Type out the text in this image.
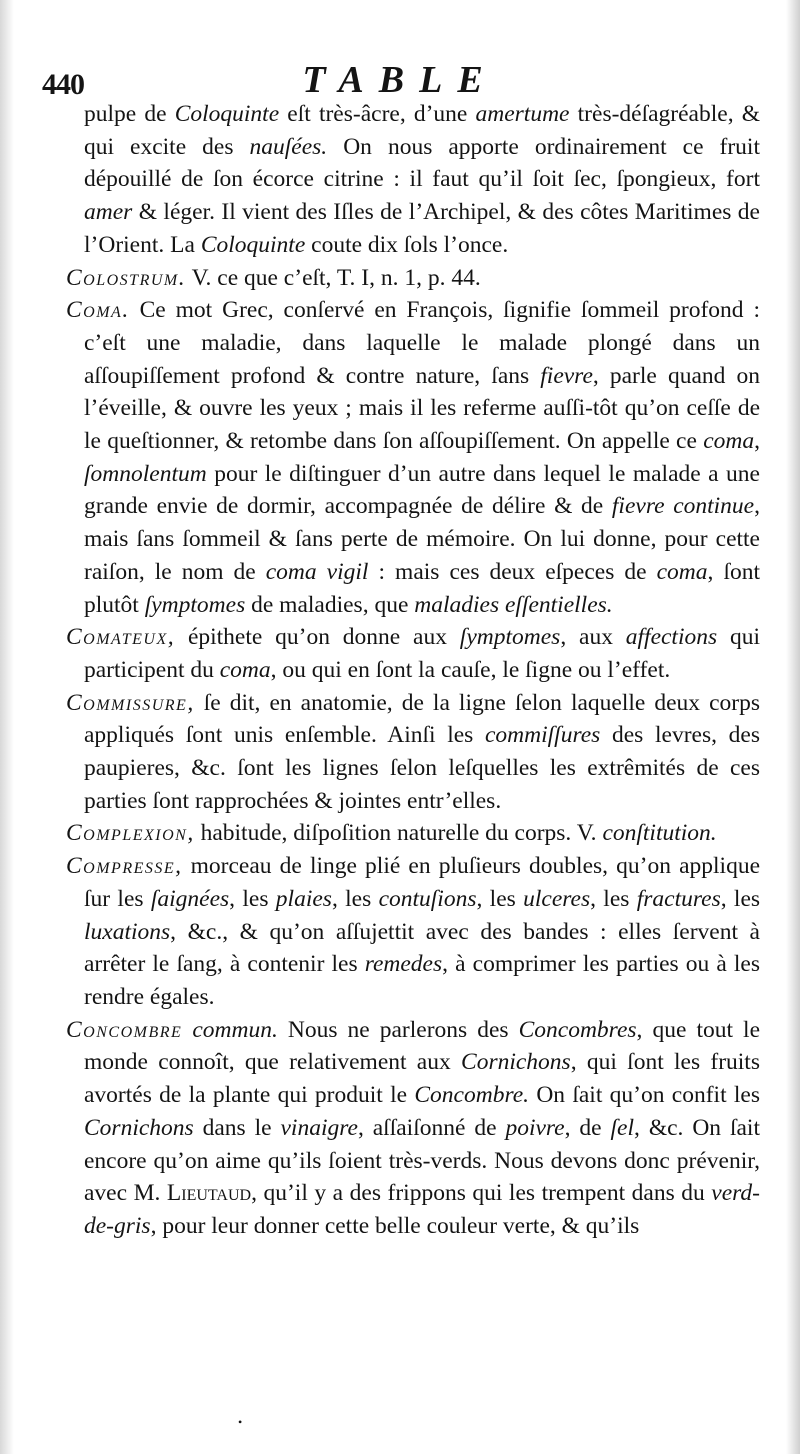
440	TABLE

pulpe de Coloquinte eſt très-âcre, d’une amertume très-déſagréable, & qui excite des nauſées. On nous apporte ordinairement ce fruit dépouillé de ſon écorce citrine : il faut qu’il ſoit ſec, ſpongieux, fort amer & léger. Il vient des Iſles de l’Archipel, & des côtes Maritimes de l’Orient. La Coloquinte coute dix ſols l’once.

Colostrum. V. ce que c’eſt, T. I, n. 1, p. 44.

Coma. Ce mot Grec, conſervé en François, ſignifie ſommeil profond : c’eſt une maladie, dans laquelle le malade plongé dans un aſſoupiſſement profond & contre nature, ſans fievre, parle quand on l’éveille, & ouvre les yeux ; mais il les referme auſſi-tôt qu’on ceſſe de le queſtionner, & retombe dans ſon aſſoupiſſement. On appelle ce coma, ſomnolentum pour le diſtinguer d’un autre dans lequel le malade a une grande envie de dormir, accompagnée de délire & de fievre continue, mais ſans ſommeil & ſans perte de mémoire. On lui donne, pour cette raiſon, le nom de coma vigil : mais ces deux eſpeces de coma, ſont plutôt ſymptomes de maladies, que maladies eſſentielles.

Comateux, épithete qu’on donne aux ſymptomes, aux affections qui participent du coma, ou qui en ſont la cauſe, le ſigne ou l’effet.

Commissure, ſe dit, en anatomie, de la ligne ſelon laquelle deux corps appliqués ſont unis enſemble. Ainſi les commiſſures des levres, des paupieres, &c. ſont les lignes ſelon leſquelles les extrêmités de ces parties ſont rapprochées & jointes entr’elles.

Complexion, habitude, diſpoſition naturelle du corps. V. conſtitution.

Compresse, morceau de linge plié en pluſieurs doubles, qu’on applique ſur les ſaignées, les plaies, les contuſions, les ulceres, les fractures, les luxations, &c., & qu’on aſſujettit avec des bandes : elles ſervent à arrêter le ſang, à contenir les remedes, à comprimer les parties ou à les rendre égales.

Concombre commun. Nous ne parlerons des Concombres, que tout le monde connoît, que relativement aux Cornichons, qui ſont les fruits avortés de la plante qui produit le Concombre. On ſait qu’on confit les Cornichons dans le vinaigre, aſſaiſonné de poivre, de ſel, &c. On ſait encore qu’on aime qu’ils ſoient très-verds. Nous devons donc prévenir, avec M. Lieutaud, qu’il y a des frippons qui les trempent dans du verd-de-gris, pour leur donner cette belle couleur verte, & qu’ils

•
